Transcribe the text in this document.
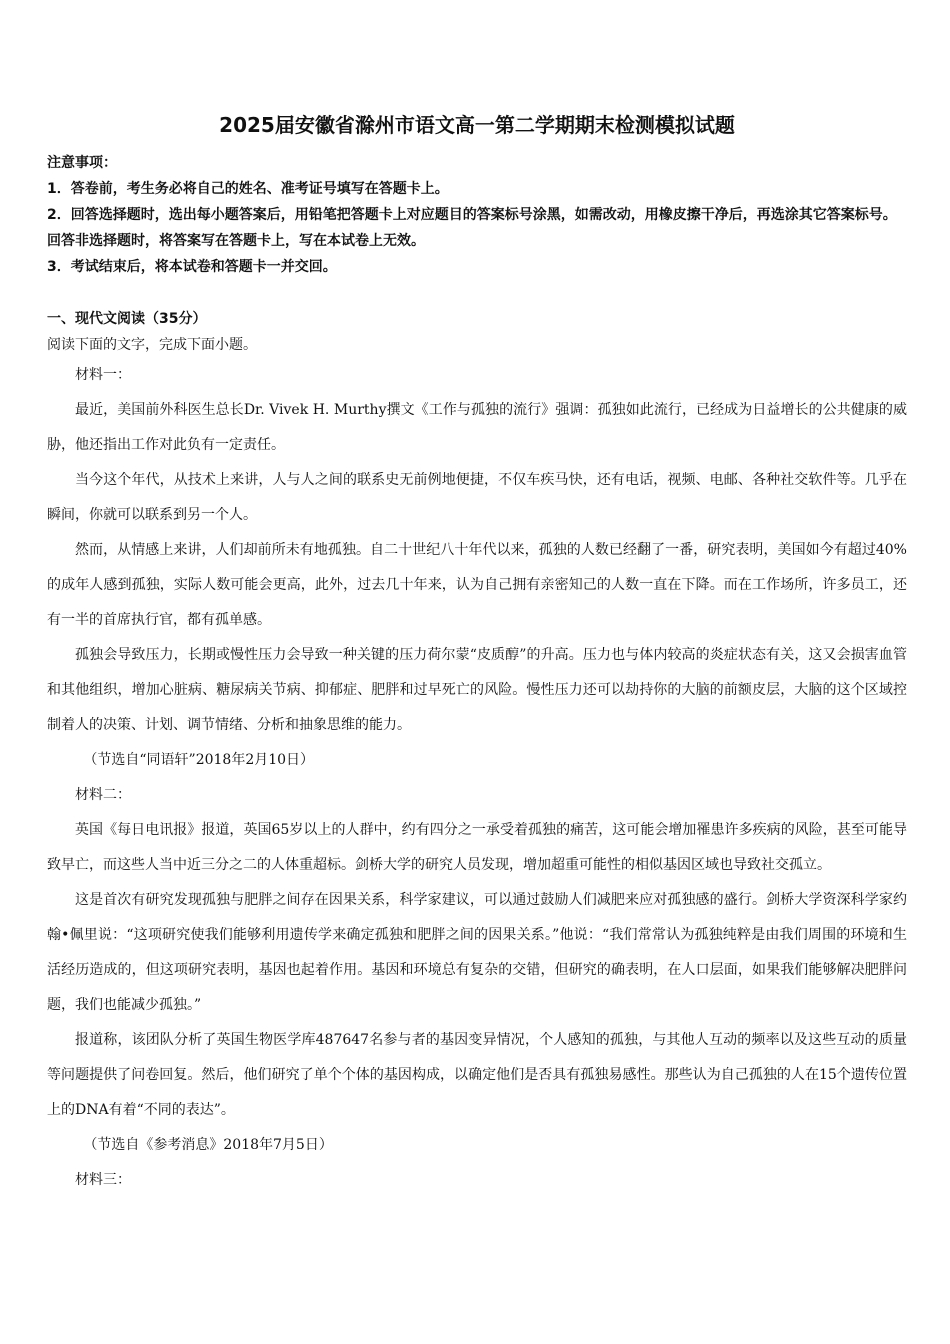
2025届安徽省滁州市语文高一第二学期期末检测模拟试题

注意事项：

1．答卷前，考生务必将自己的姓名、准考证号填写在答题卡上。

2．回答选择题时，选出每小题答案后，用铅笔把答题卡上对应题目的答案标号涂黑，如需改动，用橡皮擦干净后，再选涂其它答案标号。回答非选择题时，将答案写在答题卡上，写在本试卷上无效。

3．考试结束后，将本试卷和答题卡一并交回。

一、现代文阅读（35分）

阅读下面的文字，完成下面小题。

材料一：

最近，美国前外科医生总长Dr. Vivek H. Murthy撰文《工作与孤独的流行》强调：孤独如此流行，已经成为日益增长的公共健康的威胁，他还指出工作对此负有一定责任。

当今这个年代，从技术上来讲，人与人之间的联系史无前例地便捷，不仅车疾马快，还有电话，视频、电邮、各种社交软件等。几乎在瞬间，你就可以联系到另一个人。

然而，从情感上来讲，人们却前所未有地孤独。自二十世纪八十年代以来，孤独的人数已经翻了一番，研究表明，美国如今有超过40%的成年人感到孤独，实际人数可能会更高，此外，过去几十年来，认为自己拥有亲密知己的人数一直在下降。而在工作场所，许多员工，还有一半的首席执行官，都有孤单感。

孤独会导致压力，长期或慢性压力会导致一种关键的压力荷尔蒙“皮质醇”的升高。压力也与体内较高的炎症状态有关，这又会损害血管和其他组织，增加心脏病、糖尿病关节病、抑郁症、肥胖和过早死亡的风险。慢性压力还可以劫持你的大脑的前额皮层，大脑的这个区域控制着人的决策、计划、调节情绪、分析和抽象思维的能力。

（节选自“同语轩”2018年2月10日）

材料二：

英国《每日电讯报》报道，英国65岁以上的人群中，约有四分之一承受着孤独的痛苦，这可能会增加罹患许多疾病的风险，甚至可能导致早亡，而这些人当中近三分之二的人体重超标。剑桥大学的研究人员发现，增加超重可能性的相似基因区域也导致社交孤立。

这是首次有研究发现孤独与肥胖之间存在因果关系，科学家建议，可以通过鼓励人们减肥来应对孤独感的盛行。剑桥大学资深科学家约翰•佩里说：“这项研究使我们能够利用遗传学来确定孤独和肥胖之间的因果关系。”他说：“我们常常认为孤独纯粹是由我们周围的环境和生活经历造成的，但这项研究表明，基因也起着作用。基因和环境总有复杂的交错，但研究的确表明，在人口层面，如果我们能够解决肥胖问题，我们也能减少孤独。”

报道称，该团队分析了英国生物医学库487647名参与者的基因变异情况，个人感知的孤独，与其他人互动的频率以及这些互动的质量等问题提供了问卷回复。然后，他们研究了单个个体的基因构成，以确定他们是否具有孤独易感性。那些认为自己孤独的人在15个遗传位置上的DNA有着“不同的表达”。

（节选自《参考消息》2018年7月5日）

材料三：
